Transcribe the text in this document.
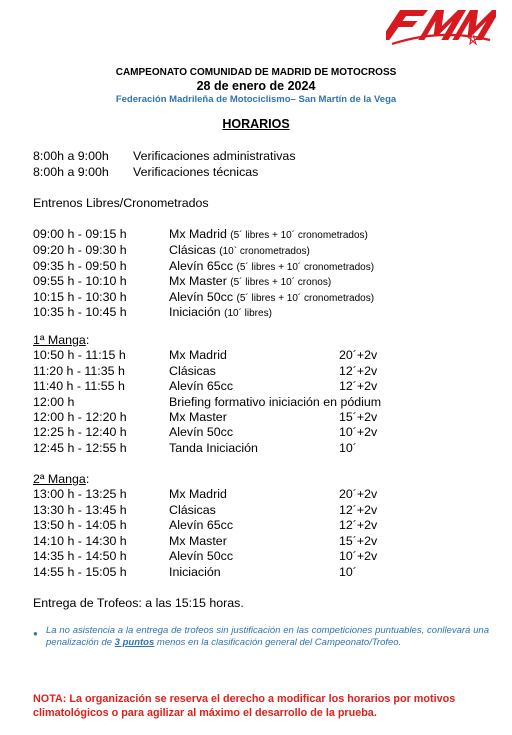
CAMPEONATO COMUNIDAD DE MADRID DE MOTOCROSS
28 de enero de 2024
Federación Madrileña de Motociclismo– San Martín de la Vega
HORARIOS
8:00h a 9:00h Verificaciones administrativas
8:00h a 9:00h Verificaciones técnicas
Entrenos Libres/Cronometrados
09:00 h - 09:15 h	Mx Madrid (5´ libres + 10´ cronometrados)
09:20 h - 09:30 h	Clásicas (10` cronometrados)
09:35 h - 09:50 h	Alevín 65cc (5´ libres + 10´ cronometrados)
09:55 h - 10:10 h	Mx Master (5´ libres + 10´ cronos)
10:15 h - 10:30 h	Alevín 50cc (5´ libres + 10´ cronometrados)
10:35 h - 10:45 h	Iniciación (10´ libres)
1ª Manga:
10:50 h - 11:15 h	Mx Madrid	20´+2v
11:20 h - 11:35 h	Clásicas	12´+2v
11:40 h - 11:55 h	Alevín 65cc	12´+2v
12:00 h	Briefing formativo iniciación en pódium
12:00 h - 12:20 h	Mx Master	15´+2v
12:25 h - 12:40 h	Alevín 50cc	10´+2v
12:45 h - 12:55 h	Tanda Iniciación	10´
2ª Manga:
13:00 h - 13:25 h	Mx Madrid	20´+2v
13:30 h - 13:45 h	Clásicas	12´+2v
13:50 h - 14:05 h	Alevín 65cc	12´+2v
14:10 h - 14:30 h	Mx Master	15´+2v
14:35 h - 14:50 h	Alevín 50cc	10´+2v
14:55 h - 15:05 h	Iniciación	10´
Entrega de Trofeos: a las 15:15 horas.
● La no asistencia a la entrega de trofeos sin justificación en las competiciones puntuables, conllevará una penalización de 3 puntos menos en la clasificación general del Campeonato/Trofeo.
NOTA: La organización se reserva el derecho a modificar los horarios por motivos climatológicos o para agilizar al máximo el desarrollo de la prueba.
